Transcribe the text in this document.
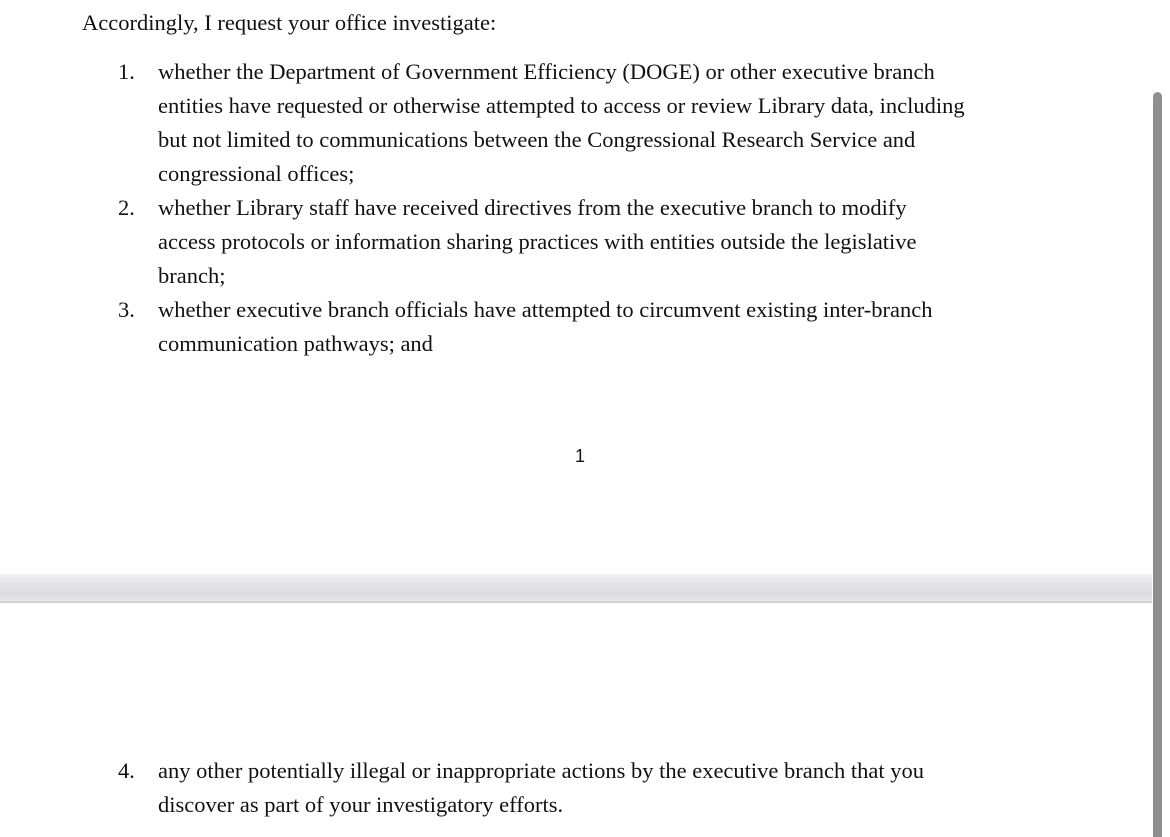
Accordingly, I request your office investigate:

1.	whether the Department of Government Efficiency (DOGE) or other executive branch
entities have requested or otherwise attempted to access or review Library data, including
but not limited to communications between the Congressional Research Service and
congressional offices;
2.	whether Library staff have received directives from the executive branch to modify
access protocols or information sharing practices with entities outside the legislative
branch;
3.	whether executive branch officials have attempted to circumvent existing inter-branch
communication pathways; and
1
4.	any other potentially illegal or inappropriate actions by the executive branch that you
discover as part of your investigatory efforts.
